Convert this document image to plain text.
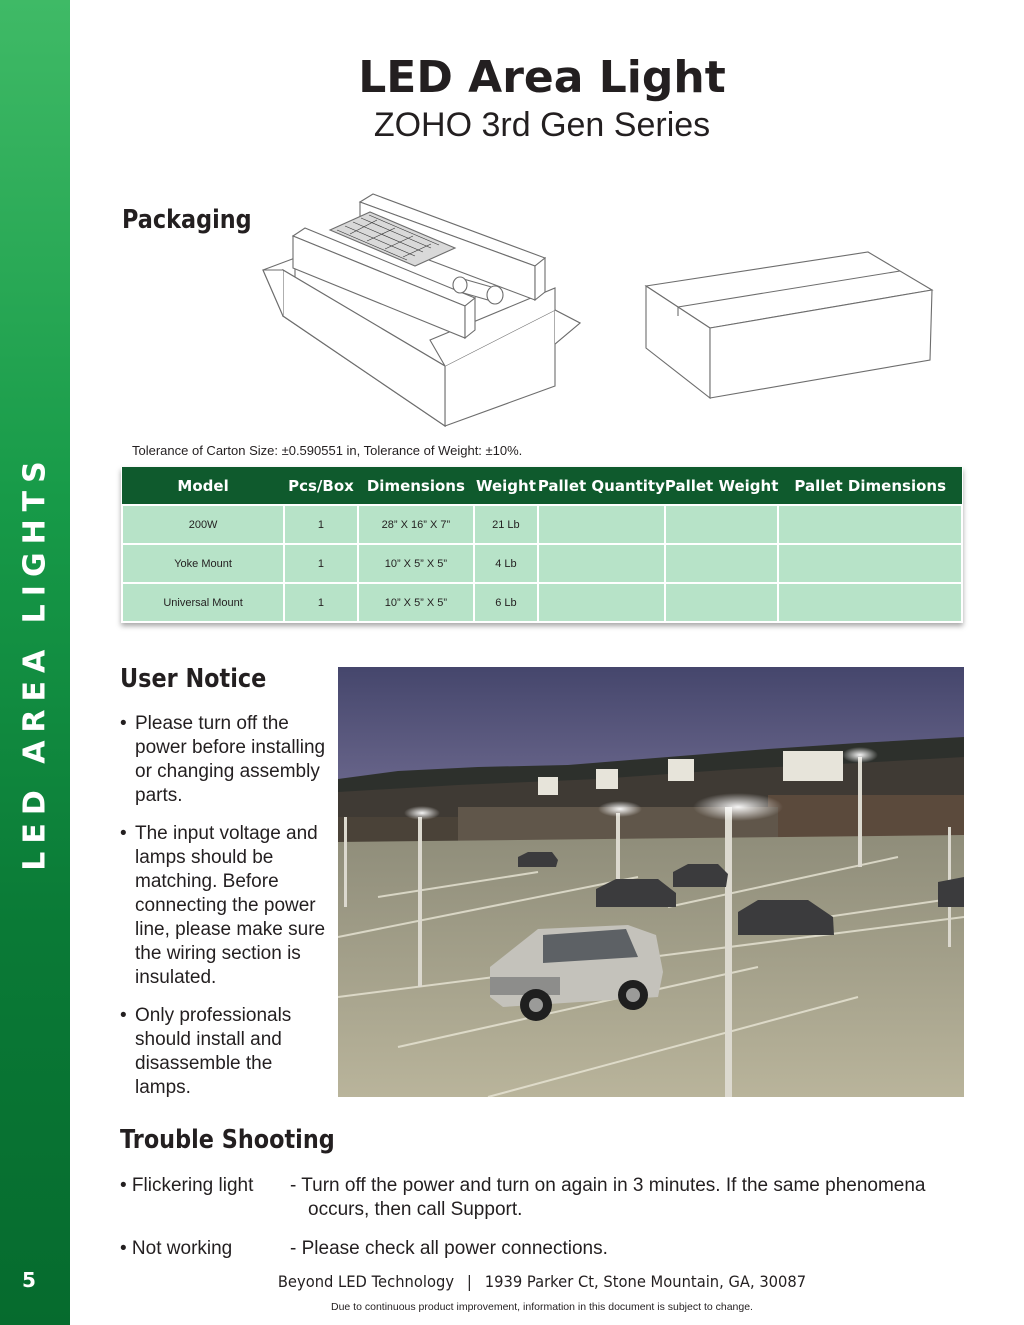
LED AREA LIGHTS
5
LED Area Light
ZOHO 3rd Gen Series
Packaging
Tolerance of Carton Size: ±0.590551 in, Tolerance of Weight: ±10%.
Model	Pcs/Box	Dimensions	Weight	Pallet Quantity	Pallet Weight	Pallet Dimensions
200W	1	28” X 16” X 7”	21 Lb			
Yoke Mount	1	10” X 5” X 5”	4 Lb			
Universal Mount	1	10” X 5” X 5”	6 Lb			
User Notice
• Please turn off the power before installing or changing assembly parts.
• The input voltage and lamps should be matching. Before connecting the power line, please make sure the wiring section is insulated.
• Only professionals should install and disassemble the lamps.
Trouble Shooting
• Flickering light - Turn off the power and turn on again in 3 minutes. If the same phenomena
occurs, then call Support.
• Not working	- Please check all power connections.
Beyond LED Technology | 1939 Parker Ct, Stone Mountain, GA, 30087
Due to continuous product improvement, information in this document is subject to change.
